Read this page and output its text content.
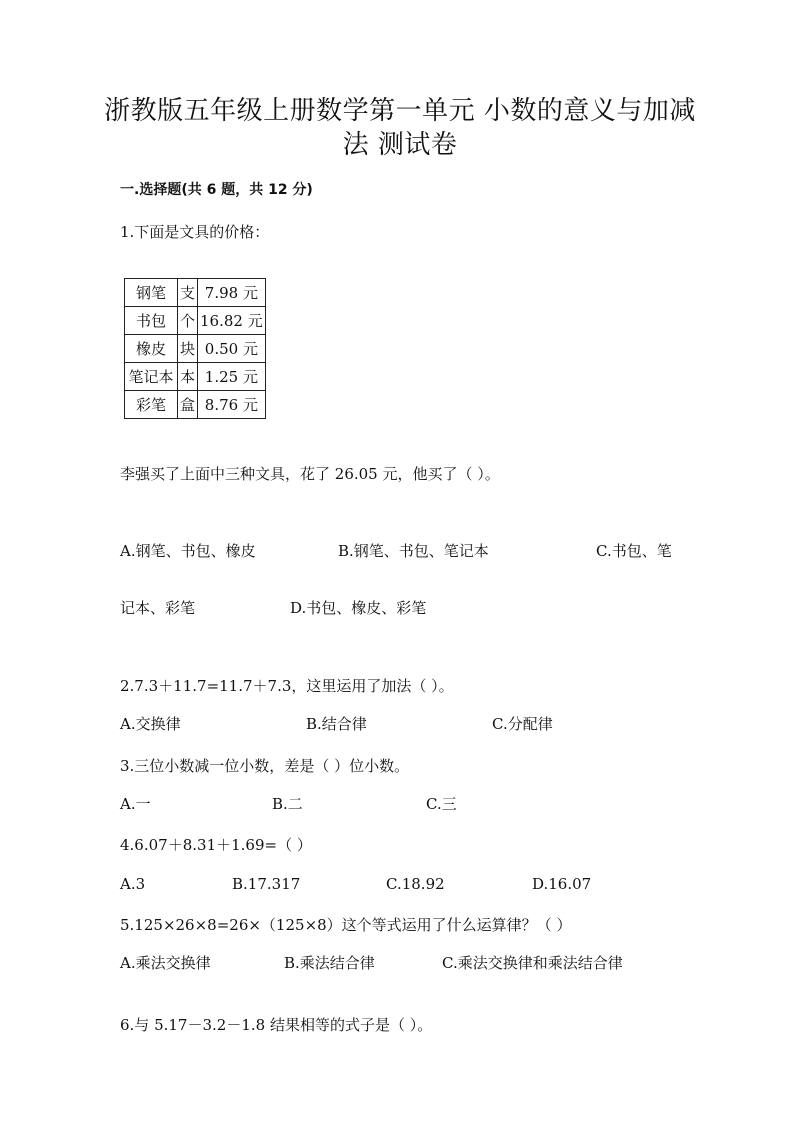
浙教版五年级上册数学第一单元 小数的意义与加减
法 测试卷
一.选择题(共 6 题，共 12 分)
1.下面是文具的价格：
钢笔	支	7.98 元
书包	个	16.82 元
橡皮	块	0.50 元
笔记本	本	1.25 元
彩笔	盒	8.76 元
李强买了上面中三种文具，花了 26.05 元，他买了（ ）。
A.钢笔、书包、橡皮	B.钢笔、书包、笔记本	C.书包、笔
记本、彩笔	D.书包、橡皮、彩笔
2.7.3＋11.7=11.7＋7.3，这里运用了加法（ ）。
A.交换律	B.结合律	C.分配律
3.三位小数减一位小数，差是（ ）位小数。
A.一	B.二	C.三
4.6.07＋8.31＋1.69=（ ）
A.3	B.17.317	C.18.92	D.16.07
5.125×26×8=26×（125×8）这个等式运用了什么运算律？（ ）
A.乘法交换律	B.乘法结合律	C.乘法交换律和乘法结合律
6.与 5.17－3.2－1.8 结果相等的式子是（ ）。
